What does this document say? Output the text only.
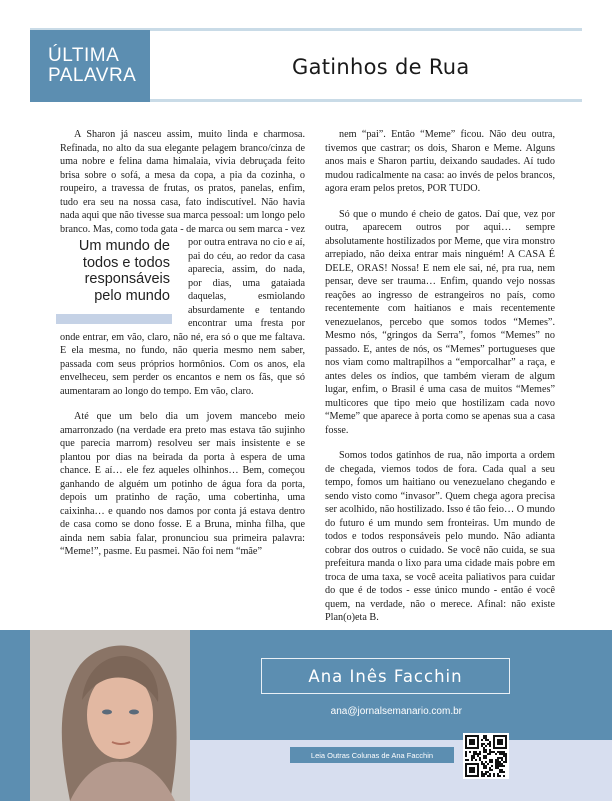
ÚLTIMA
PALAVRA	Gatinhos de Rua

A Sharon já nasceu assim, muito linda e charmosa. Refinada, no alto da sua elegante pelagem branco/cinza de uma nobre e felina dama himalaia, vivia debruçada feito brisa sobre o sofá, a mesa da copa, a pia da cozinha, o roupeiro, a travessa de frutas, os pratos, panelas, enfim, tudo era seu na nossa casa, fato indiscutível. Não havia nada aqui que não tivesse sua marca pessoal: um longo pelo branco. Mas, como toda gata - de marca ou sem marca -
Um mundo de todos e todos responsáveis pelo mundo
vez por outra entrava no cio e aí, pai do céu, ao redor da casa aparecia, assim, do nada, por dias, uma gataiada daquelas, esmiolando absurdamente e tentando encontrar uma fresta por onde entrar, em vão, claro, não né, era só o que me faltava. E ela mesma, no fundo, não queria mesmo nem saber, passada com seus próprios hormônios. Com os anos, ela envelheceu, sem perder os encantos e nem os fãs, que só aumentaram ao longo do tempo. Em vão, claro.

Até que um belo dia um jovem mancebo meio amarronzado (na verdade era preto mas estava tão sujinho que parecia marrom) resolveu ser mais insistente e se plantou por dias na beirada da porta à espera de uma chance. E aí… ele fez aqueles olhinhos… Bem, começou ganhando de alguém um potinho de água fora da porta, depois um pratinho de ração, uma cobertinha, uma caixinha… e quando nos damos por conta já estava dentro de casa como se dono fosse. E a Bruna, minha filha, que ainda nem sabia falar, pronunciou sua primeira palavra: “Meme!”, pasme. Eu pasmei. Não foi nem “mãe”

nem “pai”. Então “Meme” ficou. Não deu outra, tivemos que castrar; os dois, Sharon e Meme. Alguns anos mais e Sharon partiu, deixando saudades. Aí tudo mudou radicalmente na casa: ao invés de pelos brancos, agora eram pelos pretos, POR TUDO.

Só que o mundo é cheio de gatos. Daí que, vez por outra, aparecem outros por aqui… sempre absolutamente hostilizados por Meme, que vira monstro arrepiado, não deixa entrar mais ninguém! A CASA É DELE, ORAS! Nossa! E nem ele sai, né, pra rua, nem pensar, deve ser trauma… Enfim, quando vejo nossas reações ao ingresso de estrangeiros no país, como recentemente com haitianos e mais recentemente venezuelanos, percebo que somos todos “Memes”. Mesmo nós, “gringos da Serra”, fomos “Memes” no passado. E, antes de nós, os “Memes” portugueses que nos viam como maltrapilhos a “emporcalhar” a raça, e antes deles os índios, que também vieram de algum lugar, enfim, o Brasil é uma casa de muitos “Memes” multicores que tipo meio que hostilizam cada novo “Meme” que aparece à porta como se apenas sua a casa fosse.

Somos todos gatinhos de rua, não importa a ordem de chegada, viemos todos de fora. Cada qual a seu tempo, fomos um haitiano ou venezuelano chegando e sendo visto como “invasor”. Quem chega agora precisa ser acolhido, não hostilizado. Isso é tão feio… O mundo do futuro é um mundo sem fronteiras. Um mundo de todos e todos responsáveis pelo mundo. Não adianta cobrar dos outros o cuidado. Se você não cuida, se sua prefeitura manda o lixo para uma cidade mais pobre em troca de uma taxa, se você aceita paliativos para cuidar do que é de todos - esse único mundo - então é você quem, na verdade, não o merece. Afinal: não existe Plan(o)eta B.

Ana Inês Facchin
ana@jornalsemanario.com.br
Leia Outras Colunas de Ana Facchin
